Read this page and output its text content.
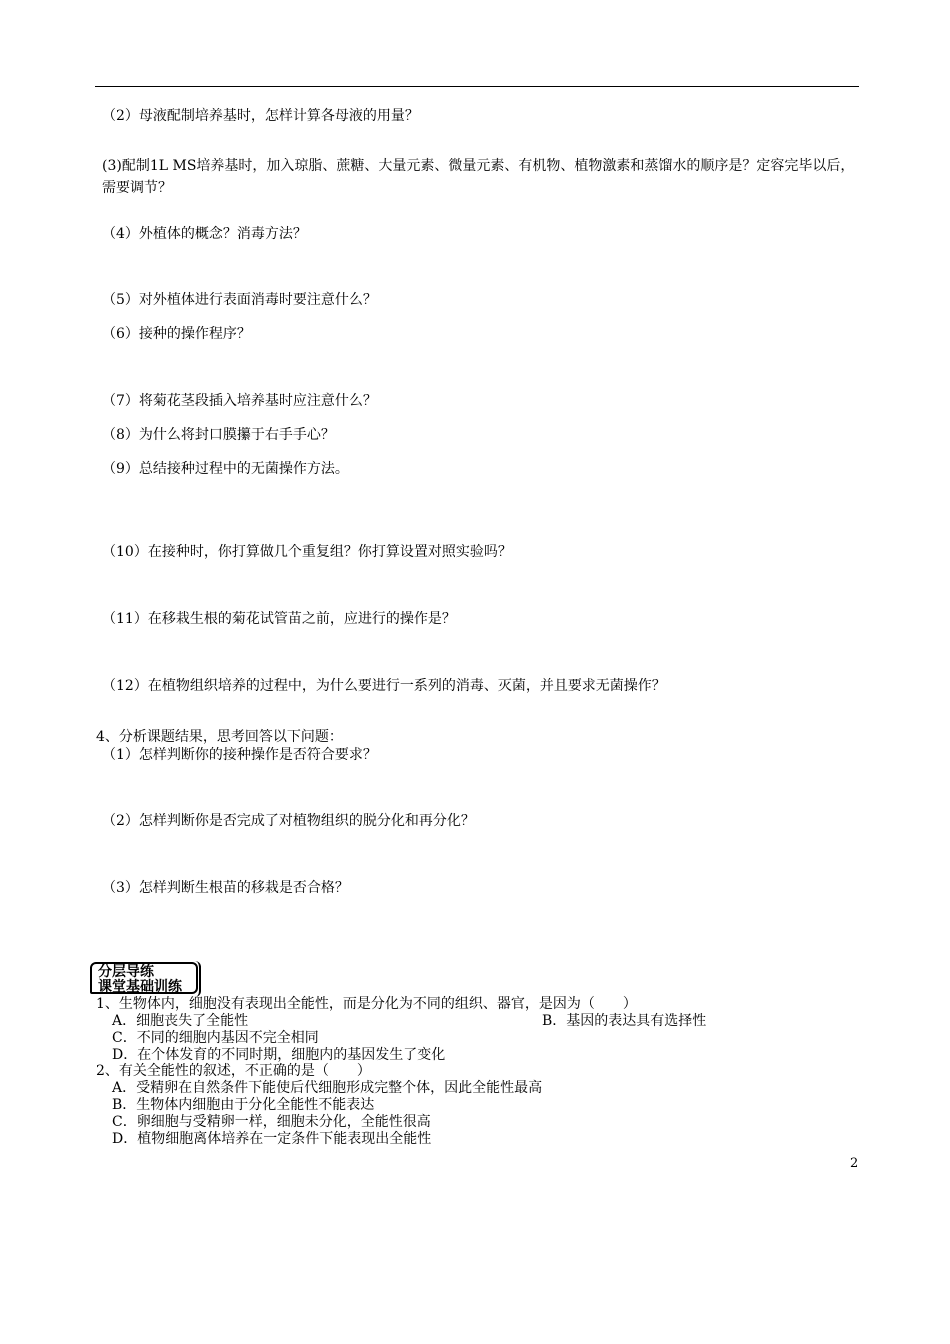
（2）母液配制培养基时，怎样计算各母液的用量？
(3)配制1L MS培养基时，加入琼脂、蔗糖、大量元素、微量元素、有机物、植物激素和蒸馏水的顺序是？定容完毕以后，需要调节？
（4）外植体的概念？消毒方法？
（5）对外植体进行表面消毒时要注意什么？
（6）接种的操作程序？
（7）将菊花茎段插入培养基时应注意什么？
（8）为什么将封口膜攥于右手手心？
（9）总结接种过程中的无菌操作方法。
（10）在接种时，你打算做几个重复组？你打算设置对照实验吗？
（11）在移栽生根的菊花试管苗之前，应进行的操作是？
（12）在植物组织培养的过程中，为什么要进行一系列的消毒、灭菌，并且要求无菌操作？
4、分析课题结果，思考回答以下问题：
（1）怎样判断你的接种操作是否符合要求？
（2）怎样判断你是否完成了对植物组织的脱分化和再分化？
（3）怎样判断生根苗的移栽是否合格？
分层导练
课堂基础训练
1、生物体内，细胞没有表现出全能性，而是分化为不同的组织、器官，是因为（　　）
A．细胞丧失了全能性	B．基因的表达具有选择性
C．不同的细胞内基因不完全相同
D．在个体发育的不同时期，细胞内的基因发生了变化
2、有关全能性的叙述，不正确的是（　　）
A．受精卵在自然条件下能使后代细胞形成完整个体，因此全能性最高
B．生物体内细胞由于分化全能性不能表达
C．卵细胞与受精卵一样，细胞未分化，全能性很高
D．植物细胞离体培养在一定条件下能表现出全能性
2
